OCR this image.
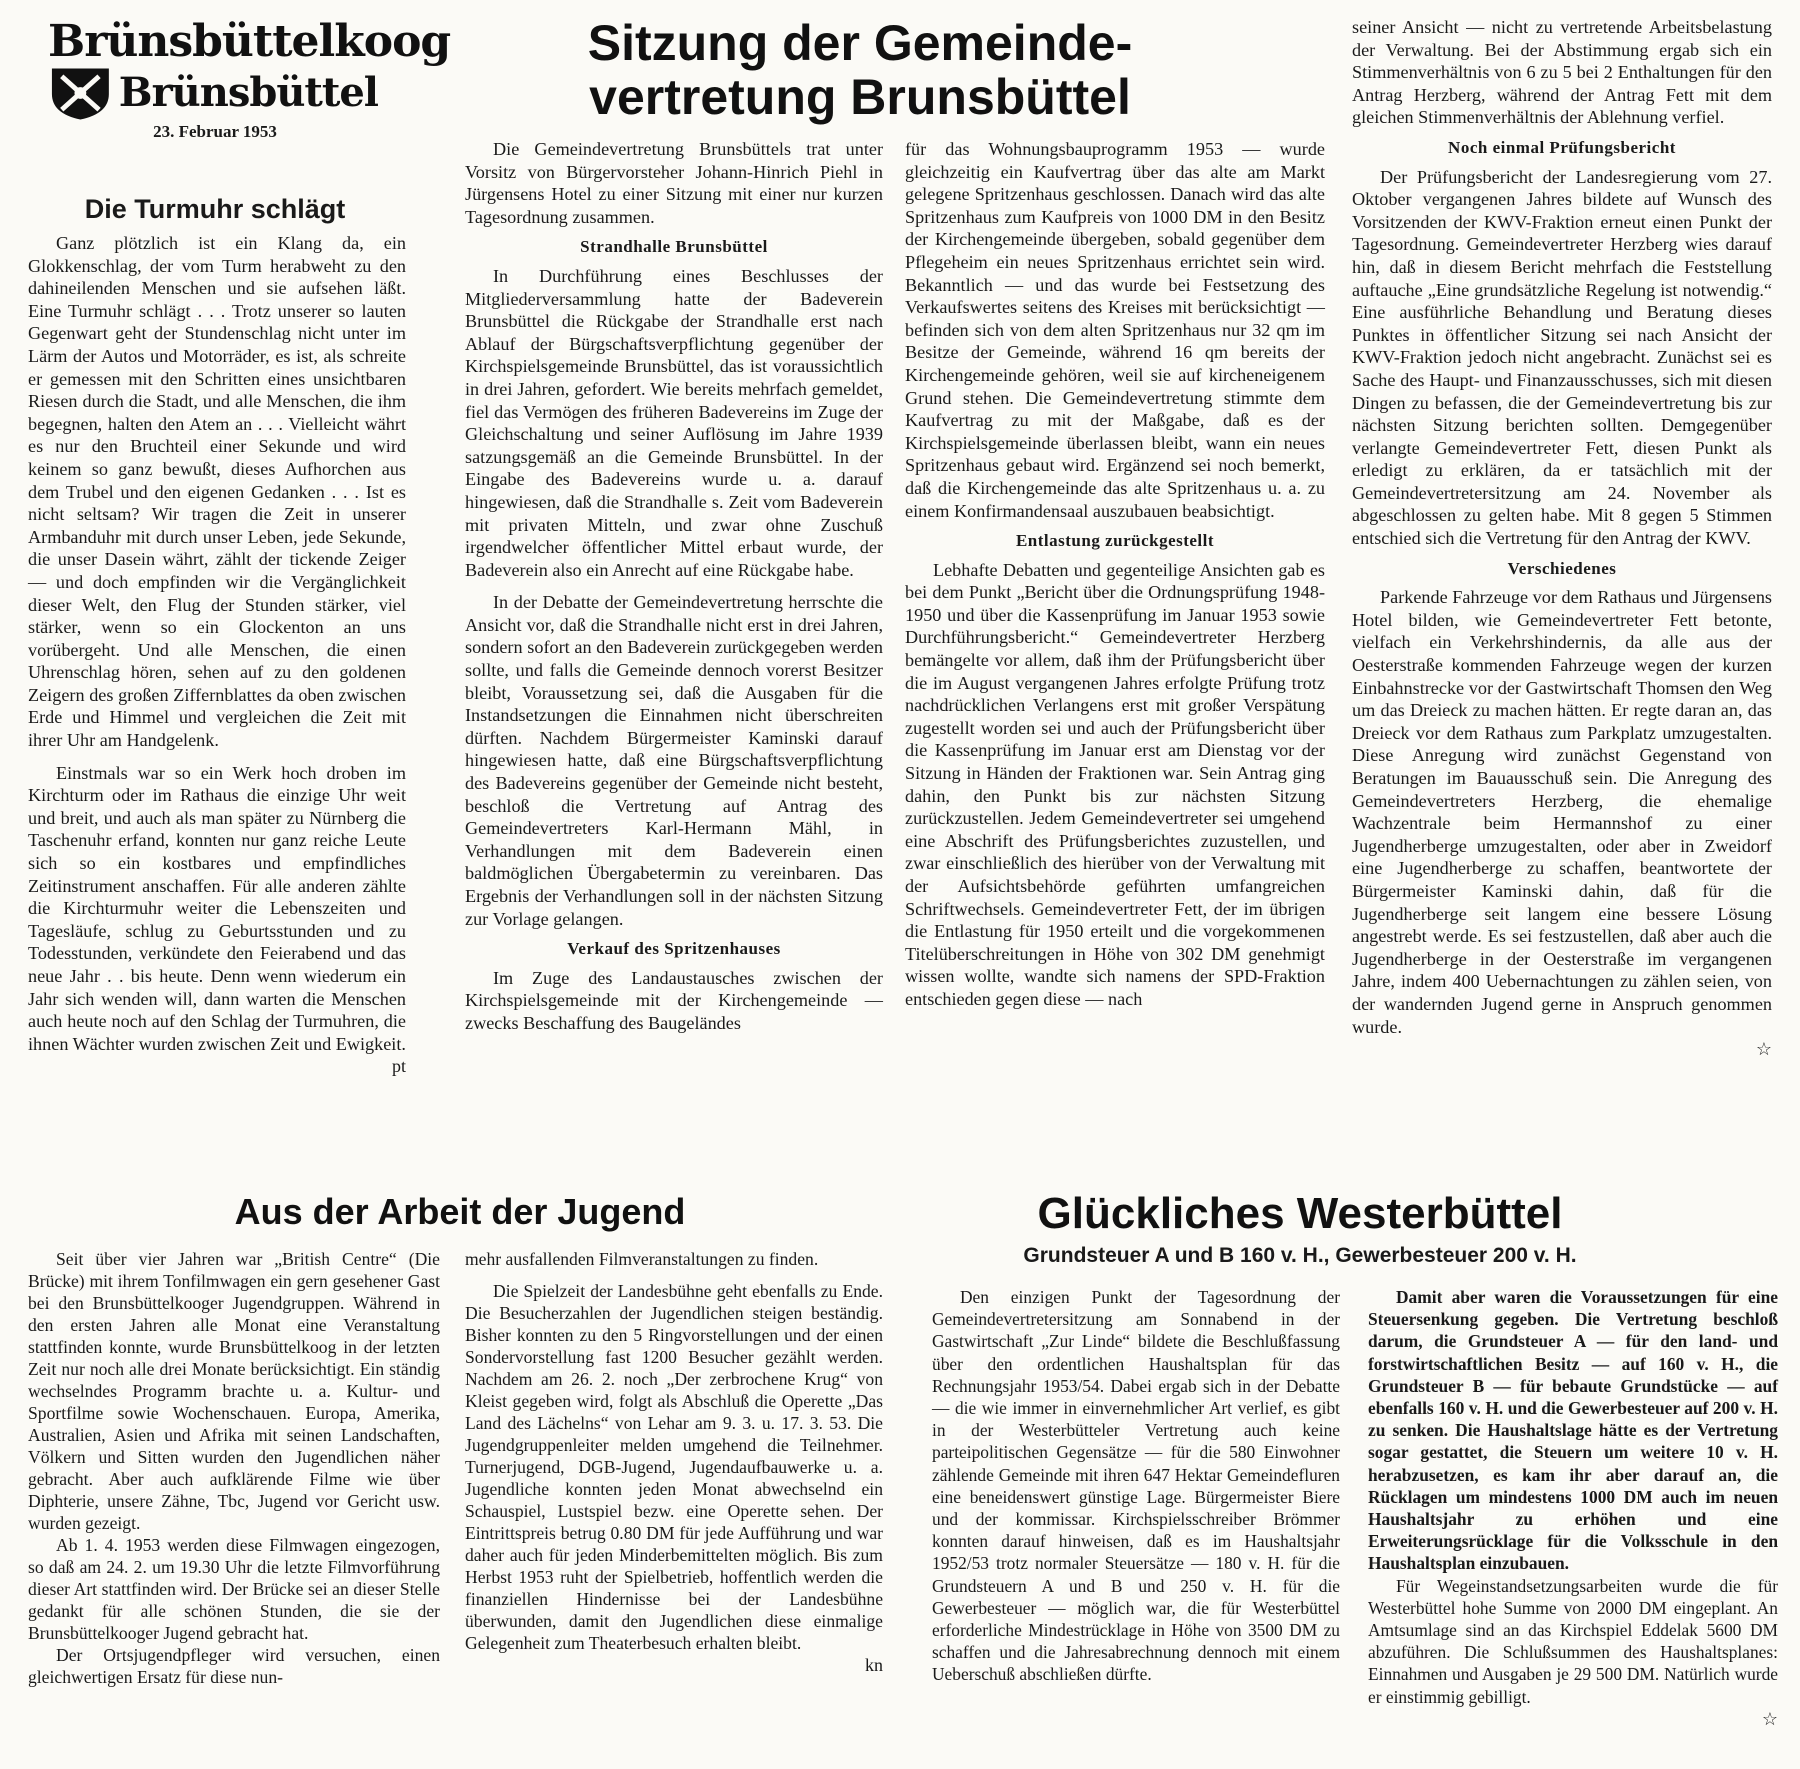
Brünsbüttelkoog
Brünsbüttel
23. Februar 1953
Die Turmuhr schlägt

Ganz plötzlich ist ein Klang da, ein Glokkenschlag, der vom Turm herabweht zu den dahineilenden Menschen und sie aufsehen läßt. Eine Turmuhr schlägt . . . Trotz unserer so lauten Gegenwart geht der Stundenschlag nicht unter im Lärm der Autos und Motorräder, es ist, als schreite er gemessen mit den Schritten eines unsichtbaren Riesen durch die Stadt, und alle Menschen, die ihm begegnen, halten den Atem an . . . Vielleicht währt es nur den Bruchteil einer Sekunde und wird keinem so ganz bewußt, dieses Aufhorchen aus dem Trubel und den eigenen Gedanken . . . Ist es nicht seltsam? Wir tragen die Zeit in unserer Armbanduhr mit durch unser Leben, jede Sekunde, die unser Dasein währt, zählt der tickende Zeiger — und doch empfinden wir die Vergänglichkeit dieser Welt, den Flug der Stunden stärker, viel stärker, wenn so ein Glockenton an uns vorübergeht. Und alle Menschen, die einen Uhrenschlag hören, sehen auf zu den goldenen Zeigern des großen Ziffernblattes da oben zwischen Erde und Himmel und vergleichen die Zeit mit ihrer Uhr am Handgelenk.

Einstmals war so ein Werk hoch droben im Kirchturm oder im Rathaus die einzige Uhr weit und breit, und auch als man später zu Nürnberg die Taschenuhr erfand, konnten nur ganz reiche Leute sich so ein kostbares und empfindliches Zeitinstrument anschaffen. Für alle anderen zählte die Kirchturmuhr weiter die Lebenszeiten und Tagesläufe, schlug zu Geburtsstunden und zu Todesstunden, verkündete den Feierabend und das neue Jahr . . bis heute. Denn wenn wiederum ein Jahr sich wenden will, dann warten die Menschen auch heute noch auf den Schlag der Turmuhren, die ihnen Wächter wurden zwischen Zeit und Ewigkeit.

pt
Sitzung der Gemeinde-
vertretung Brunsbüttel

Die Gemeindevertretung Brunsbüttels trat unter Vorsitz von Bürgervorsteher Johann-Hinrich Piehl in Jürgensens Hotel zu einer Sitzung mit einer nur kurzen Tagesordnung zusammen.

Strandhalle Brunsbüttel

In Durchführung eines Beschlusses der Mitgliederversammlung hatte der Badeverein Brunsbüttel die Rückgabe der Strandhalle erst nach Ablauf der Bürgschaftsverpflichtung gegenüber der Kirchspielsgemeinde Brunsbüttel, das ist voraussichtlich in drei Jahren, gefordert. Wie bereits mehrfach gemeldet, fiel das Vermögen des früheren Badevereins im Zuge der Gleichschaltung und seiner Auflösung im Jahre 1939 satzungsgemäß an die Gemeinde Brunsbüttel. In der Eingabe des Badevereins wurde u. a. darauf hingewiesen, daß die Strandhalle s. Zeit vom Badeverein mit privaten Mitteln, und zwar ohne Zuschuß irgendwelcher öffentlicher Mittel erbaut wurde, der Badeverein also ein Anrecht auf eine Rückgabe habe.

In der Debatte der Gemeindevertretung herrschte die Ansicht vor, daß die Strandhalle nicht erst in drei Jahren, sondern sofort an den Badeverein zurückgegeben werden sollte, und falls die Gemeinde dennoch vorerst Besitzer bleibt, Voraussetzung sei, daß die Ausgaben für die Instandsetzungen die Einnahmen nicht überschreiten dürften. Nachdem Bürgermeister Kaminski darauf hingewiesen hatte, daß eine Bürgschaftsverpflichtung des Badevereins gegenüber der Gemeinde nicht besteht, beschloß die Vertretung auf Antrag des Gemeindevertreters Karl-Hermann Mähl, in Verhandlungen mit dem Badeverein einen baldmöglichen Übergabetermin zu vereinbaren. Das Ergebnis der Verhandlungen soll in der nächsten Sitzung zur Vorlage gelangen.

Verkauf des Spritzenhauses

Im Zuge des Landaustausches zwischen der Kirchspielsgemeinde mit der Kirchengemeinde — zwecks Beschaffung des Baugeländes

für das Wohnungsbauprogramm 1953 — wurde gleichzeitig ein Kaufvertrag über das alte am Markt gelegene Spritzenhaus geschlossen. Danach wird das alte Spritzenhaus zum Kaufpreis von 1000 DM in den Besitz der Kirchengemeinde übergeben, sobald gegenüber dem Pflegeheim ein neues Spritzenhaus errichtet sein wird. Bekanntlich — und das wurde bei Festsetzung des Verkaufswertes seitens des Kreises mit berücksichtigt — befinden sich von dem alten Spritzenhaus nur 32 qm im Besitze der Gemeinde, während 16 qm bereits der Kirchengemeinde gehören, weil sie auf kircheneigenem Grund stehen. Die Gemeindevertretung stimmte dem Kaufvertrag zu mit der Maßgabe, daß es der Kirchspielsgemeinde überlassen bleibt, wann ein neues Spritzenhaus gebaut wird. Ergänzend sei noch bemerkt, daß die Kirchengemeinde das alte Spritzenhaus u. a. zu einem Konfirmandensaal auszubauen beabsichtigt.

Entlastung zurückgestellt

Lebhafte Debatten und gegenteilige Ansichten gab es bei dem Punkt „Bericht über die Ordnungsprüfung 1948-1950 und über die Kassenprüfung im Januar 1953 sowie Durchführungsbericht.“ Gemeindevertreter Herzberg bemängelte vor allem, daß ihm der Prüfungsbericht über die im August vergangenen Jahres erfolgte Prüfung trotz nachdrücklichen Verlangens erst mit großer Verspätung zugestellt worden sei und auch der Prüfungsbericht über die Kassenprüfung im Januar erst am Dienstag vor der Sitzung in Händen der Fraktionen war. Sein Antrag ging dahin, den Punkt bis zur nächsten Sitzung zurückzustellen. Jedem Gemeindevertreter sei umgehend eine Abschrift des Prüfungsberichtes zuzustellen, und zwar einschließlich des hierüber von der Verwaltung mit der Aufsichtsbehörde geführten umfangreichen Schriftwechsels. Gemeindevertreter Fett, der im übrigen die Entlastung für 1950 erteilt und die vorgekommenen Titelüberschreitungen in Höhe von 302 DM genehmigt wissen wollte, wandte sich namens der SPD-Fraktion entschieden gegen diese — nach

seiner Ansicht — nicht zu vertretende Arbeitsbelastung der Verwaltung. Bei der Abstimmung ergab sich ein Stimmenverhältnis von 6 zu 5 bei 2 Enthaltungen für den Antrag Herzberg, während der Antrag Fett mit dem gleichen Stimmenverhältnis der Ablehnung verfiel.

Noch einmal Prüfungsbericht

Der Prüfungsbericht der Landesregierung vom 27. Oktober vergangenen Jahres bildete auf Wunsch des Vorsitzenden der KWV-Fraktion erneut einen Punkt der Tagesordnung. Gemeindevertreter Herzberg wies darauf hin, daß in diesem Bericht mehrfach die Feststellung auftauche „Eine grundsätzliche Regelung ist notwendig.“ Eine ausführliche Behandlung und Beratung dieses Punktes in öffentlicher Sitzung sei nach Ansicht der KWV-Fraktion jedoch nicht angebracht. Zunächst sei es Sache des Haupt- und Finanzausschusses, sich mit diesen Dingen zu befassen, die der Gemeindevertretung bis zur nächsten Sitzung berichten sollten. Demgegenüber verlangte Gemeindevertreter Fett, diesen Punkt als erledigt zu erklären, da er tatsächlich mit der Gemeindevertretersitzung am 24. November als abgeschlossen zu gelten habe. Mit 8 gegen 5 Stimmen entschied sich die Vertretung für den Antrag der KWV.

Verschiedenes

Parkende Fahrzeuge vor dem Rathaus und Jürgensens Hotel bilden, wie Gemeindevertreter Fett betonte, vielfach ein Verkehrshindernis, da alle aus der Oesterstraße kommenden Fahrzeuge wegen der kurzen Einbahnstrecke vor der Gastwirtschaft Thomsen den Weg um das Dreieck zu machen hätten. Er regte daran an, das Dreieck vor dem Rathaus zum Parkplatz umzugestalten. Diese Anregung wird zunächst Gegenstand von Beratungen im Bauausschuß sein. Die Anregung des Gemeindevertreters Herzberg, die ehemalige Wachzentrale beim Hermannshof zu einer Jugendherberge umzugestalten, oder aber in Zweidorf eine Jugendherberge zu schaffen, beantwortete der Bürgermeister Kaminski dahin, daß für die Jugendherberge seit langem eine bessere Lösung angestrebt werde. Es sei festzustellen, daß aber auch die Jugendherberge in der Oesterstraße im vergangenen Jahre, indem 400 Uebernachtungen zu zählen seien, von der wandernden Jugend gerne in Anspruch genommen wurde.

☆
Aus der Arbeit der Jugend

Seit über vier Jahren war „British Centre“ (Die Brücke) mit ihrem Tonfilmwagen ein gern gesehener Gast bei den Brunsbüttelkooger Jugendgruppen. Während in den ersten Jahren alle Monat eine Veranstaltung stattfinden konnte, wurde Brunsbüttelkoog in der letzten Zeit nur noch alle drei Monate berücksichtigt. Ein ständig wechselndes Programm brachte u. a. Kultur- und Sportfilme sowie Wochenschauen. Europa, Amerika, Australien, Asien und Afrika mit seinen Landschaften, Völkern und Sitten wurden den Jugendlichen näher gebracht. Aber auch aufklärende Filme wie über Diphterie, unsere Zähne, Tbc, Jugend vor Gericht usw. wurden gezeigt.

Ab 1. 4. 1953 werden diese Filmwagen eingezogen, so daß am 24. 2. um 19.30 Uhr die letzte Filmvorführung dieser Art stattfinden wird. Der Brücke sei an dieser Stelle gedankt für alle schönen Stunden, die sie der Brunsbüttelkooger Jugend gebracht hat.

Der Ortsjugendpfleger wird versuchen, einen gleichwertigen Ersatz für diese nun-

mehr ausfallenden Filmveranstaltungen zu finden.

Die Spielzeit der Landesbühne geht ebenfalls zu Ende. Die Besucherzahlen der Jugendlichen steigen beständig. Bisher konnten zu den 5 Ringvorstellungen und der einen Sondervorstellung fast 1200 Besucher gezählt werden. Nachdem am 26. 2. noch „Der zerbrochene Krug“ von Kleist gegeben wird, folgt als Abschluß die Operette „Das Land des Lächelns“ von Lehar am 9. 3. u. 17. 3. 53. Die Jugendgruppenleiter melden umgehend die Teilnehmer. Turnerjugend, DGB-Jugend, Jugendaufbauwerke u. a. Jugendliche konnten jeden Monat abwechselnd ein Schauspiel, Lustspiel bezw. eine Operette sehen. Der Eintrittspreis betrug 0.80 DM für jede Aufführung und war daher auch für jeden Minderbemittelten möglich. Bis zum Herbst 1953 ruht der Spielbetrieb, hoffentlich werden die finanziellen Hindernisse bei der Landesbühne überwunden, damit den Jugendlichen diese einmalige Gelegenheit zum Theaterbesuch erhalten bleibt.

kn
Glückliches Westerbüttel
Grundsteuer A und B 160 v. H., Gewerbesteuer 200 v. H.

Den einzigen Punkt der Tagesordnung der Gemeindevertretersitzung am Sonnabend in der Gastwirtschaft „Zur Linde“ bildete die Beschlußfassung über den ordentlichen Haushaltsplan für das Rechnungsjahr 1953/54. Dabei ergab sich in der Debatte — die wie immer in einvernehmlicher Art verlief, es gibt in der Westerbütteler Vertretung auch keine parteipolitischen Gegensätze — für die 580 Einwohner zählende Gemeinde mit ihren 647 Hektar Gemeindefluren eine beneidenswert günstige Lage. Bürgermeister Biere und der kommissar. Kirchspielsschreiber Brömmer konnten darauf hinweisen, daß es im Haushaltsjahr 1952/53 trotz normaler Steuersätze — 180 v. H. für die Grundsteuern A und B und 250 v. H. für die Gewerbesteuer — möglich war, die für Westerbüttel erforderliche Mindestrücklage in Höhe von 3500 DM zu schaffen und die Jahresabrechnung dennoch mit einem Ueberschuß abschließen dürfte.

Damit aber waren die Voraussetzungen für eine Steuersenkung gegeben. Die Vertretung beschloß darum, die Grundsteuer A — für den land- und forstwirtschaftlichen Besitz — auf 160 v. H., die Grundsteuer B — für bebaute Grundstücke — auf ebenfalls 160 v. H. und die Gewerbesteuer auf 200 v. H. zu senken. Die Haushaltslage hätte es der Vertretung sogar gestattet, die Steuern um weitere 10 v. H. herabzusetzen, es kam ihr aber darauf an, die Rücklagen um mindestens 1000 DM auch im neuen Haushaltsjahr zu erhöhen und eine Erweiterungsrücklage für die Volksschule in den Haushaltsplan einzubauen.

Für Wegeinstandsetzungsarbeiten wurde die für Westerbüttel hohe Summe von 2000 DM eingeplant. An Amtsumlage sind an das Kirchspiel Eddelak 5600 DM abzuführen. Die Schlußsummen des Haushaltsplanes: Einnahmen und Ausgaben je 29 500 DM. Natürlich wurde er einstimmig gebilligt.

☆
